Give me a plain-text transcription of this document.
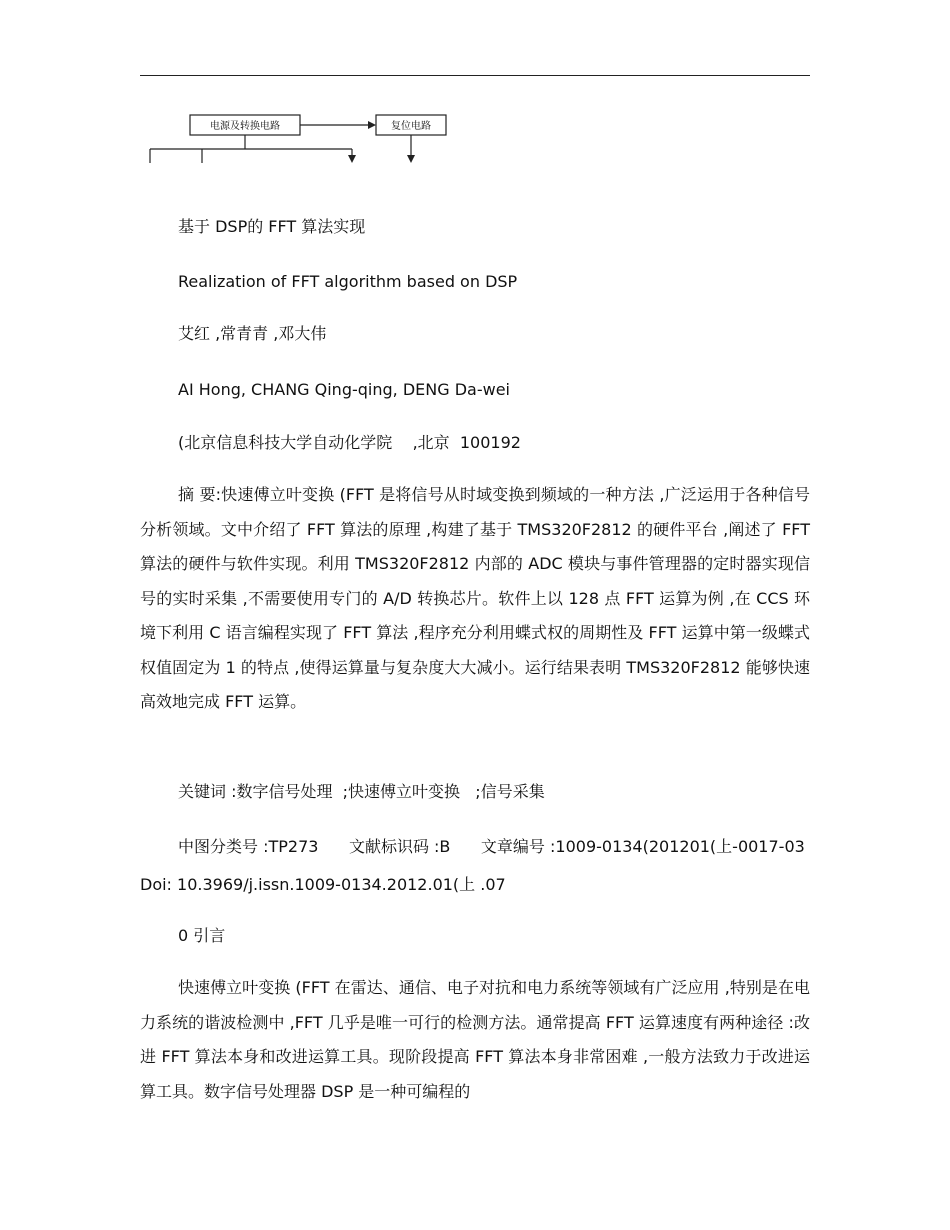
电源及转换电路	复位电路
基于 DSP的 FFT 算法实现
Realization of FFT algorithm based on DSP
艾红 ,常青青 ,邓大伟
AI Hong, CHANG Qing-qing, DENG Da-wei
(北京信息科技大学自动化学院    ,北京  100192

摘 要:快速傅立叶变换 (FFT 是将信号从时域变换到频域的一种方法 ,广泛运用于各种信号分析领域。文中介绍了 FFT 算法的原理 ,构建了基于 TMS320F2812 的硬件平台 ,阐述了 FFT 算法的硬件与软件实现。利用 TMS320F2812 内部的 ADC 模块与事件管理器的定时器实现信号的实时采集 ,不需要使用专门的 A/D 转换芯片。软件上以 128 点 FFT 运算为例 ,在 CCS 环境下利用 C 语言编程实现了 FFT 算法 ,程序充分利用蝶式权的周期性及 FFT 运算中第一级蝶式权值固定为 1 的特点 ,使得运算量与复杂度大大减小。运行结果表明 TMS320F2812 能够快速高效地完成 FFT 运算。

关键词 :数字信号处理  ;快速傅立叶变换   ;信号采集
中图分类号 :TP273      文献标识码 :B      文章编号 :1009-0134(201201(上-0017-03
Doi: 10.3969/j.issn.1009-0134.2012.01(上 .07
0 引言

快速傅立叶变换 (FFT 在雷达、通信、电子对抗和电力系统等领域有广泛应用 ,特别是在电力系统的谐波检测中 ,FFT 几乎是唯一可行的检测方法。通常提高 FFT 运算速度有两种途径 :改进 FFT 算法本身和改进运算工具。现阶段提高 FFT 算法本身非常困难 ,一般方法致力于改进运算工具。数字信号处理器 DSP 是一种可编程的
